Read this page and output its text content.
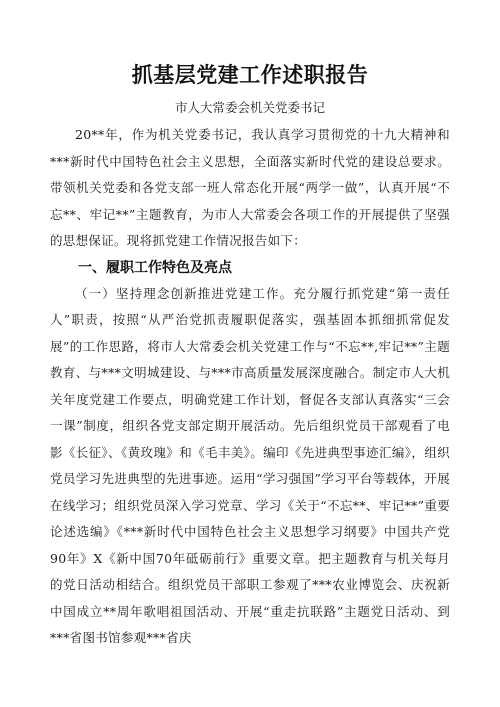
抓基层党建工作述职报告

市人大常委会机关党委书记

20**年，作为机关党委书记，我认真学习贯彻党的十九大精神和***新时代中国特色社会主义思想，全面落实新时代党的建设总要求。带领机关党委和各党支部一班人常态化开展“两学一做”，认真开展“不忘**、牢记**”主题教育，为市人大常委会各项工作的开展提供了坚强的思想保证。现将抓党建工作情况报告如下：

一、履职工作特色及亮点

（一）坚持理念创新推进党建工作。充分履行抓党建“第一责任人”职责，按照“从严治党抓责履职促落实，强基固本抓细抓常促发展”的工作思路，将市人大常委会机关党建工作与“不忘**,牢记**”主题教育、与***文明城建设、与***市高质量发展深度融合。制定市人大机关年度党建工作要点，明确党建工作计划，督促各支部认真落实“三会一课”制度，组织各党支部定期开展活动。先后组织党员干部观看了电影《长征》、《黄玫瑰》和《毛丰美》。编印《先进典型事迹汇编》，组织党员学习先进典型的先进事迹。运用“学习强国”学习平台等载体，开展在线学习；组织党员深入学习党章、学习《关于“不忘**、牢记**”重要论述选编》《***新时代中国特色社会主义思想学习纲要》中国共产党90年》X《新中国70年砥砺前行》重要文章。把主题教育与机关每月的党日活动相结合。组织党员干部职工参观了***农业博览会、庆祝新中国成立**周年歌唱祖国活动、开展“重走抗联路”主题党日活动、到***省图书馆参观***省庆
